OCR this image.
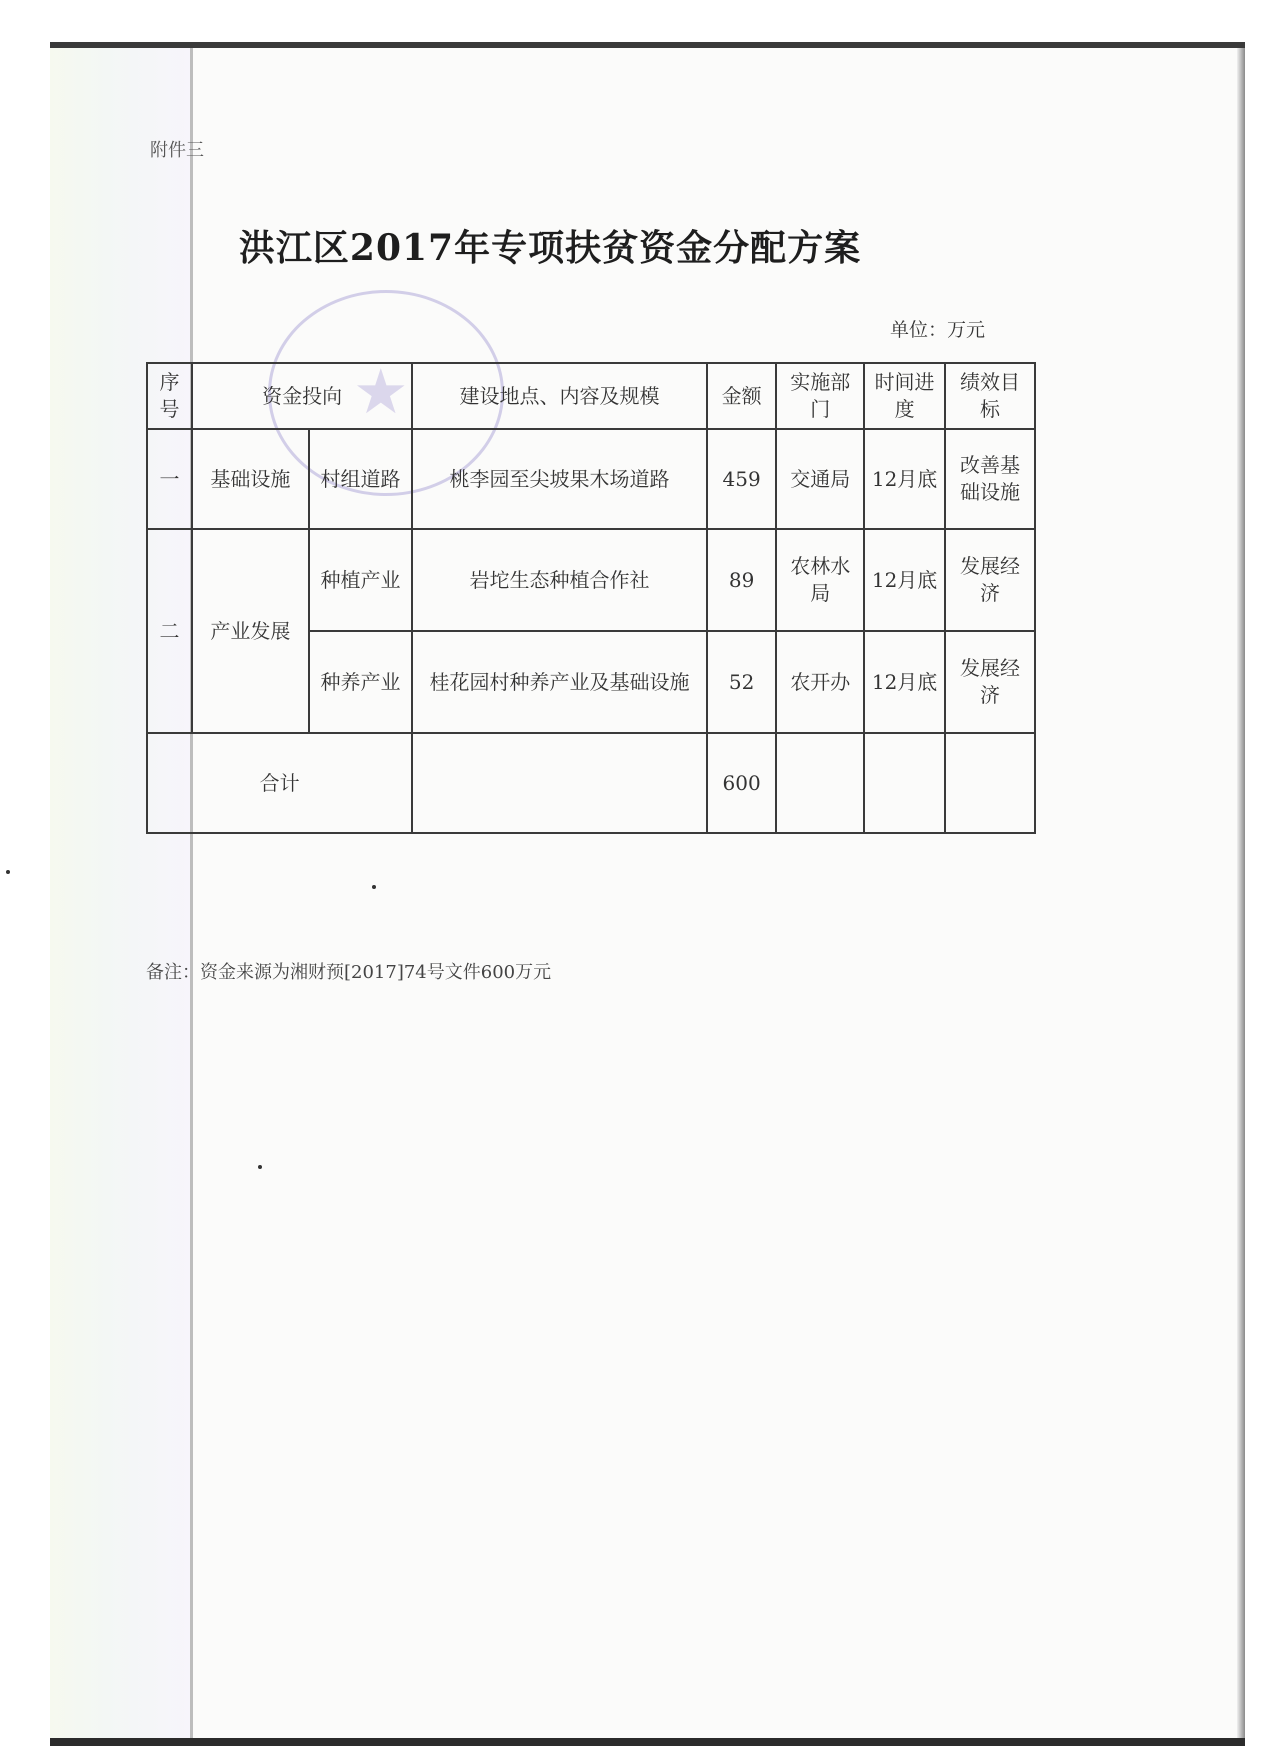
附件三
★
洪江区2017年专项扶贫资金分配方案
单位：万元
序号	资金投向		建设地点、内容及规模	金额	实施部门	时间进度	绩效目标
一	基础设施	村组道路	桃李园至尖坡果木场道路	459	交通局	12月底	改善基础设施
二	产业发展	种植产业	岩坨生态种植合作社	89	农林水局	12月底	发展经济
		种养产业	桂花园村种养产业及基础设施	52	农开办	12月底	发展经济
合计				600			
备注：资金来源为湘财预[2017]74号文件600万元
